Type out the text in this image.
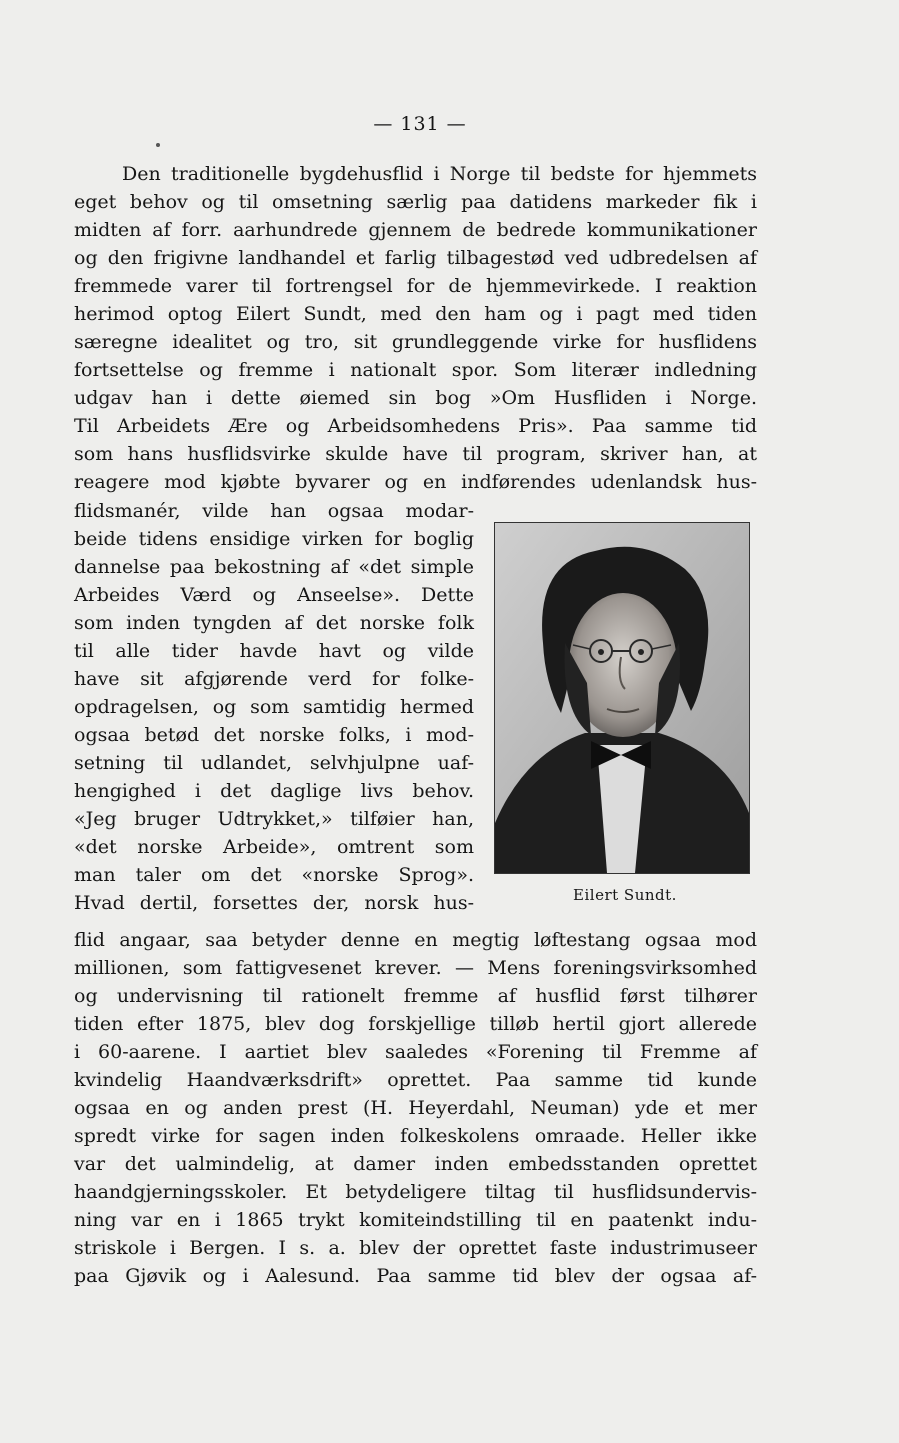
— 131 —
Den traditionelle bygdehusflid i Norge til bedste for hjemmets
eget behov og til omsetning særlig paa datidens markeder fik i
midten af forr. aarhundrede gjennem de bedrede kommunikationer
og den frigivne landhandel et farlig tilbagestød ved udbredelsen af
fremmede varer til fortrengsel for de hjemmevirkede. I reaktion
herimod optog Eilert Sundt, med den ham og i pagt med tiden
særegne idealitet og tro, sit grundleggende virke for husflidens
fortsettelse og fremme i nationalt spor. Som literær indledning
udgav han i dette øiemed sin bog »Om Husfliden i Norge.
Til Arbeidets Ære og Arbeidsomhedens Pris». Paa samme tid
som hans husflidsvirke skulde have til program, skriver han, at
reagere mod kjøbte byvarer og en indførendes udenlandsk hus-
flidsmanér, vilde han ogsaa modar-
beide tidens ensidige virken for boglig
dannelse paa bekostning af «det simple
Arbeides Værd og Anseelse». Dette
som inden tyngden af det norske folk
til alle tider havde havt og vilde
have sit afgjørende verd for folke-
opdragelsen, og som samtidig hermed
ogsaa betød det norske folks, i mod-
setning til udlandet, selvhjulpne uaf-
hengighed i det daglige livs behov.
«Jeg bruger Udtrykket,» tilføier han,
«det norske Arbeide», omtrent som
man taler om det «norske Sprog».
Hvad dertil, forsettes der, norsk hus-	Eilert Sundt.
flid angaar, saa betyder denne en megtig løftestang ogsaa mod
millionen, som fattigvesenet krever. — Mens foreningsvirksomhed
og undervisning til rationelt fremme af husflid først tilhører
tiden efter 1875, blev dog forskjellige tilløb hertil gjort allerede
i 60-aarene. I aartiet blev saaledes «Forening til Fremme af
kvindelig Haandværksdrift» oprettet. Paa samme tid kunde
ogsaa en og anden prest (H. Heyerdahl, Neuman) yde et mer
spredt virke for sagen inden folkeskolens omraade. Heller ikke
var det ualmindelig, at damer inden embedsstanden oprettet
haandgjerningsskoler. Et betydeligere tiltag til husflidsundervis-
ning var en i 1865 trykt komiteindstilling til en paatenkt indu-
striskole i Bergen. I s. a. blev der oprettet faste industrimuseer
paa Gjøvik og i Aalesund. Paa samme tid blev der ogsaa af-
